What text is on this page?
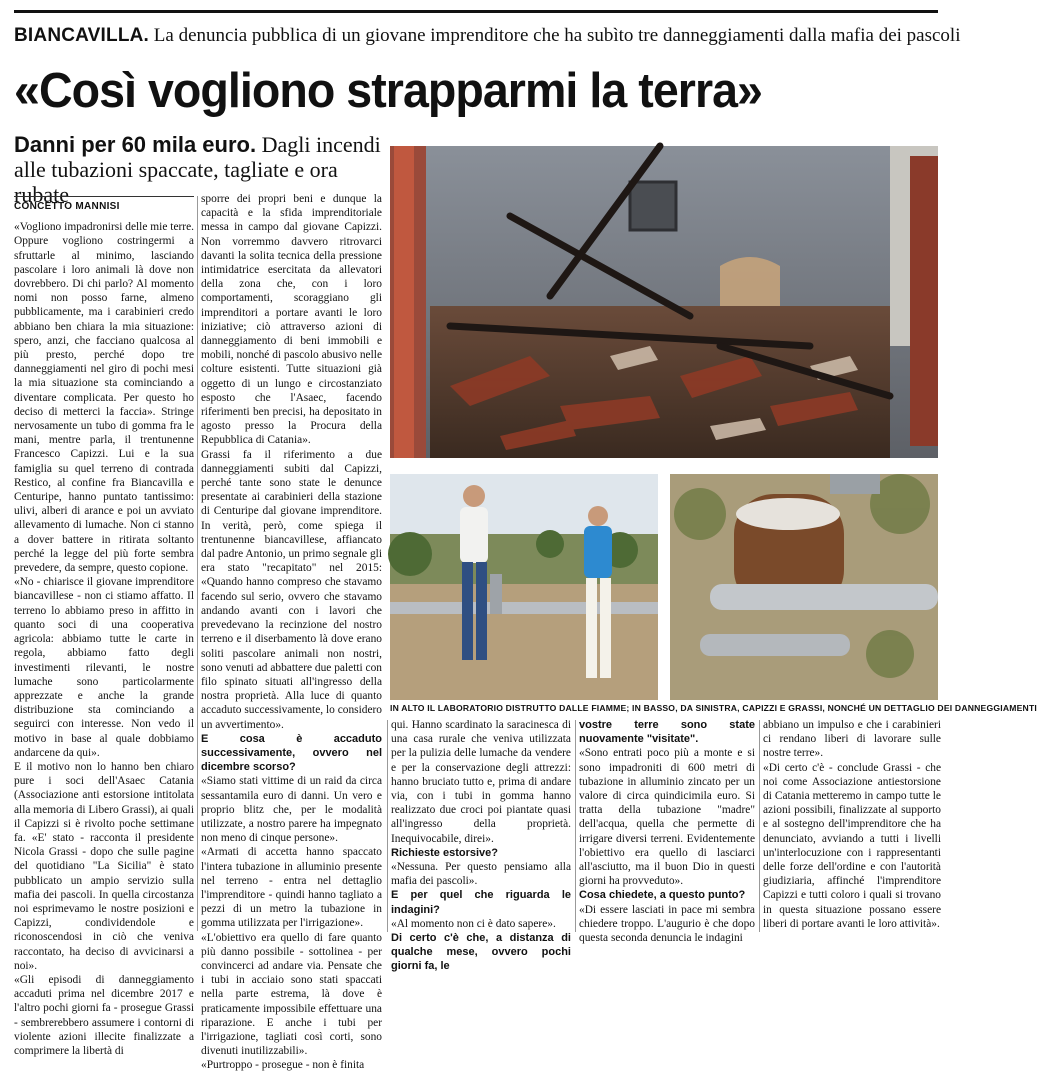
BIANCAVILLA. La denuncia pubblica di un giovane imprenditore che ha subìto tre danneggiamenti dalla mafia dei pascoli
«Così vogliono strapparmi la terra»
Danni per 60 mila euro. Dagli incendi alle tubazioni spaccate, tagliate e ora rubate
CONCETTO MANNISI

«Vogliono impadronirsi delle mie terre. Oppure vogliono costringermi a sfruttarle al minimo, lasciando pascolare i loro animali là dove non dovrebbero. Di chi parlo? Al momento nomi non posso farne, almeno pubblicamente, ma i carabinieri credo abbiano ben chiara la mia situazione: spero, anzi, che facciano qualcosa al più presto, perché dopo tre danneggiamenti nel giro di pochi mesi la mia situazione sta cominciando a diventare complicata. Per questo ho deciso di metterci la faccia». Stringe nervosamente un tubo di gomma fra le mani, mentre parla, il trentunenne Francesco Capizzi. Lui e la sua famiglia su quel terreno di contrada Restico, al confine fra Biancavilla e Centuripe, hanno puntato tantissimo: ulivi, alberi di arance e poi un avviato allevamento di lumache. Non ci stanno a dover battere in ritirata soltanto perché la legge del più forte sembra prevedere, da sempre, questo copione.

«No - chiarisce il giovane imprenditore biancavillese - non ci stiamo affatto. Il terreno lo abbiamo preso in affitto in quanto soci di una cooperativa agricola: abbiamo tutte le carte in regola, abbiamo fatto degli investimenti rilevanti, le nostre lumache sono particolarmente apprezzate e anche la grande distribuzione sta cominciando a seguirci con interesse. Non vedo il motivo in base al quale dobbiamo andarcene da qui».

E il motivo non lo hanno ben chiaro pure i soci dell'Asaec Catania (Associazione anti estorsione intitolata alla memoria di Libero Grassi), ai quali il Capizzi si è rivolto poche settimane fa. «E' stato - racconta il presidente Nicola Grassi - dopo che sulle pagine del quotidiano "La Sicilia" è stato pubblicato un ampio servizio sulla mafia dei pascoli. In quella circostanza noi esprimevamo le nostre posizioni e Capizzi, condividendole e riconoscendosi in ciò che veniva raccontato, ha deciso di avvicinarsi a noi».

«Gli episodi di danneggiamento accaduti prima nel dicembre 2017 e l'altro pochi giorni fa - prosegue Grassi - sembrerebbero assumere i contorni di violente azioni illecite finalizzate a comprimere la libertà di

sporre dei propri beni e dunque la capacità e la sfida imprenditoriale messa in campo dal giovane Capizzi. Non vorremmo davvero ritrovarci davanti la solita tecnica della pressione intimidatrice esercitata da allevatori della zona che, con i loro comportamenti, scoraggiano gli imprenditori a portare avanti le loro iniziative; ciò attraverso azioni di danneggiamento di beni immobili e mobili, nonché di pascolo abusivo nelle colture esistenti. Tutte situazioni già oggetto di un lungo e circostanziato esposto che l'Asaec, facendo riferimenti ben precisi, ha depositato in agosto presso la Procura della Repubblica di Catania».

Grassi fa il riferimento a due danneggiamenti subiti dal Capizzi, perché tante sono state le denunce presentate ai carabinieri della stazione di Centuripe dal giovane imprenditore. In verità, però, come spiega il trentunenne biancavillese, affiancato dal padre Antonio, un primo segnale gli era stato "recapitato" nel 2015: «Quando hanno compreso che stavamo facendo sul serio, ovvero che stavamo andando avanti con i lavori che prevedevano la recinzione del nostro terreno e il diserbamento là dove erano soliti pascolare animali non nostri, sono venuti ad abbattere due paletti con filo spinato situati all'ingresso della nostra proprietà. Alla luce di quanto accaduto successivamente, lo considero un avvertimento».

E cosa è accaduto successivamente, ovvero nel dicembre scorso?

«Siamo stati vittime di un raid da circa sessantamila euro di danni. Un vero e proprio blitz che, per le modalità utilizzate, a nostro parere ha impegnato non meno di cinque persone».

«Armati di accetta hanno spaccato l'intera tubazione in alluminio presente nel terreno - entra nel dettaglio l'imprenditore - quindi hanno tagliato a pezzi di un metro la tubazione in gomma utilizzata per l'irrigazione».

«L'obiettivo era quello di fare quanto più danno possibile - sottolinea - per convincerci ad andare via. Pensate che i tubi in acciaio sono stati spaccati nella parte estrema, là dove è praticamente impossibile effettuare una riparazione. E anche i tubi per l'irrigazione, tagliati così corti, sono divenuti inutilizzabili».

«Purtroppo - prosegue - non è finita

IN ALTO IL LABORATORIO DISTRUTTO DALLE FIAMME; IN BASSO, DA SINISTRA, CAPIZZI E GRASSI, NONCHÉ UN DETTAGLIO DEI DANNEGGIAMENTI

qui. Hanno scardinato la saracinesca di una casa rurale che veniva utilizzata per la pulizia delle lumache da vendere e per la conservazione degli attrezzi: hanno bruciato tutto e, prima di andare via, con i tubi in gomma hanno realizzato due croci poi piantate quasi all'ingresso della proprietà. Inequivocabile, direi».

Richieste estorsive?

«Nessuna. Per questo pensiamo alla mafia dei pascoli».

E per quel che riguarda le indagini?

«Al momento non ci è dato sapere».

Di certo c'è che, a distanza di qualche mese, ovvero pochi giorni fa, le

vostre terre sono state nuovamente "visitate".

«Sono entrati poco più a monte e si sono impadroniti di 600 metri di tubazione in alluminio zincato per un valore di circa quindicimila euro. Si tratta della tubazione "madre" dell'acqua, quella che permette di irrigare diversi terreni. Evidentemente l'obiettivo era quello di lasciarci all'asciutto, ma il buon Dio in questi giorni ha provveduto».

Cosa chiedete, a questo punto?

«Di essere lasciati in pace mi sembra chiedere troppo. L'augurio è che dopo questa seconda denuncia le indagini

abbiano un impulso e che i carabinieri ci rendano liberi di lavorare sulle nostre terre».

«Di certo c'è - conclude Grassi - che noi come Associazione antiestorsione di Catania metteremo in campo tutte le azioni possibili, finalizzate al supporto e al sostegno dell'imprenditore che ha denunciato, avviando a tutti i livelli un'interlocuzione con i rappresentanti delle forze dell'ordine e con l'autorità giudiziaria, affinché l'imprenditore Capizzi e tutti coloro i quali si trovano in questa situazione possano essere liberi di portare avanti le loro attività».
